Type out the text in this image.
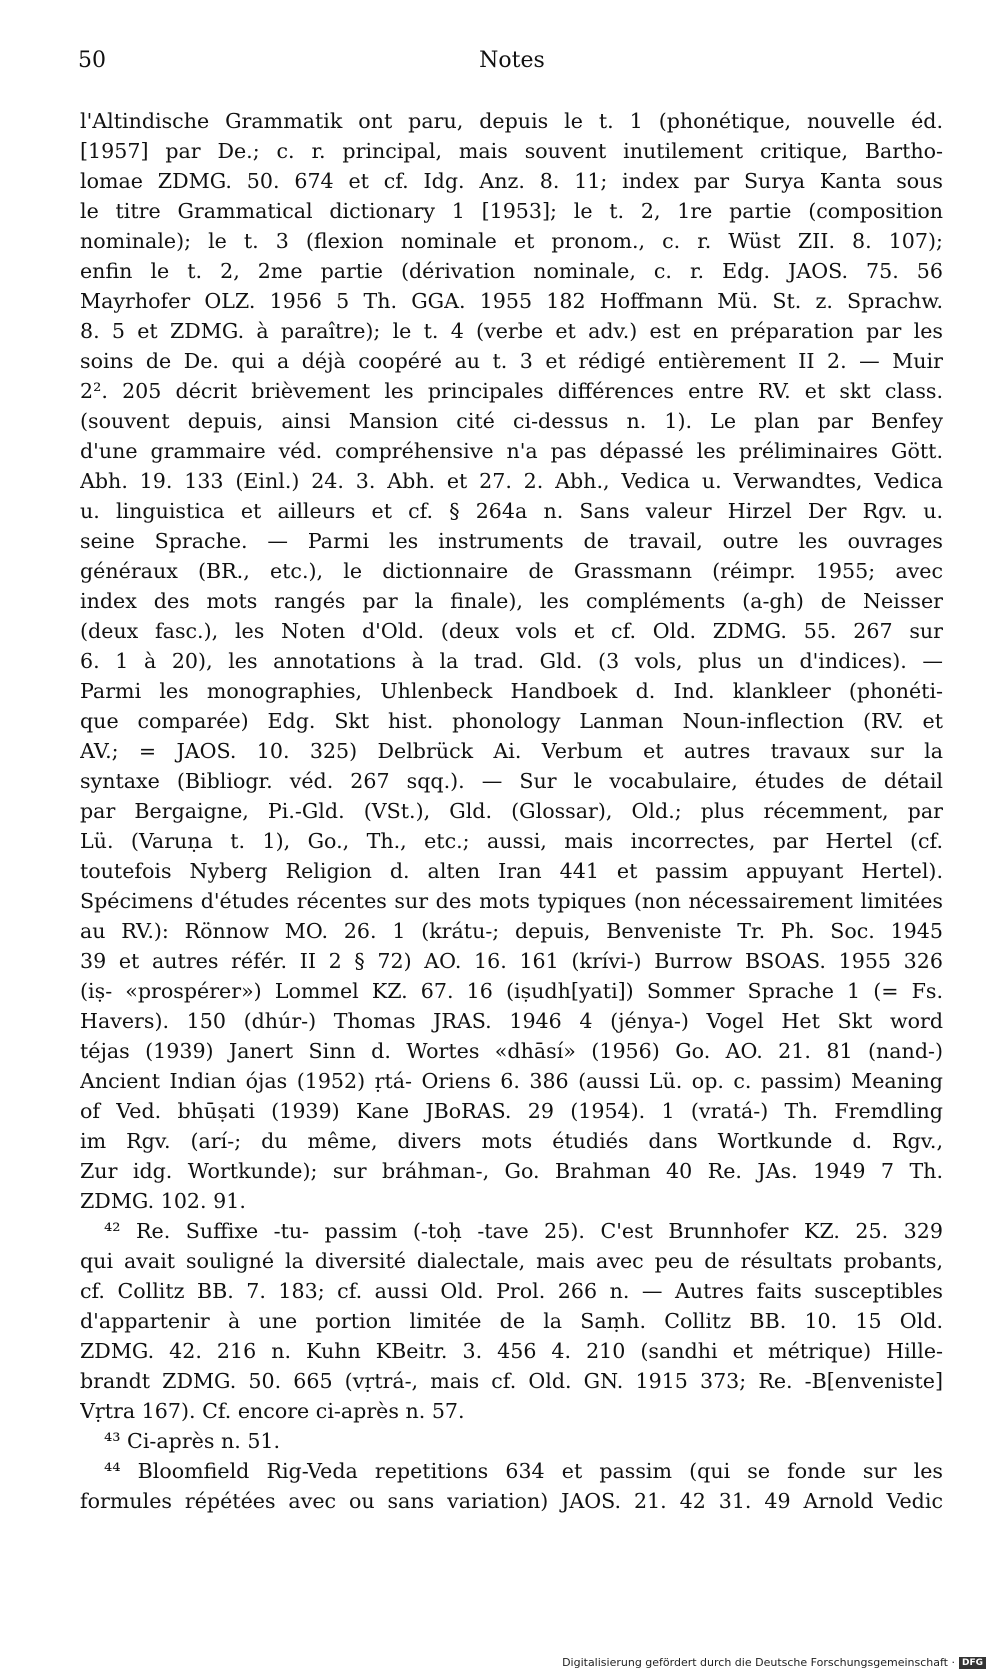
50	Notes
l'Altindische Grammatik ont paru, depuis le t. 1 (phonétique, nouvelle éd.
[1957] par De.; c. r. principal, mais souvent inutilement critique, Bartho-
lomae ZDMG. 50. 674 et cf. Idg. Anz. 8. 11; index par Surya Kanta sous
le titre Grammatical dictionary 1 [1953]; le t. 2, 1re partie (composition
nominale); le t. 3 (flexion nominale et pronom., c. r. Wüst ZII. 8. 107);
enfin le t. 2, 2me partie (dérivation nominale, c. r. Edg. JAOS. 75. 56
Mayrhofer OLZ. 1956 5 Th. GGA. 1955 182 Hoffmann Mü. St. z. Sprachw.
8. 5 et ZDMG. à paraître); le t. 4 (verbe et adv.) est en préparation par les
soins de De. qui a déjà coopéré au t. 3 et rédigé entièrement II 2. — Muir
2². 205 décrit brièvement les principales différences entre RV. et skt class.
(souvent depuis, ainsi Mansion cité ci-dessus n. 1). Le plan par Benfey
d'une grammaire véd. compréhensive n'a pas dépassé les préliminaires Gött.
Abh. 19. 133 (Einl.) 24. 3. Abh. et 27. 2. Abh., Vedica u. Verwandtes, Vedica
u. linguistica et ailleurs et cf. § 264a n. Sans valeur Hirzel Der Rgv. u.
seine Sprache. — Parmi les instruments de travail, outre les ouvrages
généraux (BR., etc.), le dictionnaire de Grassmann (réimpr. 1955; avec
index des mots rangés par la finale), les compléments (a-gh) de Neisser
(deux fasc.), les Noten d'Old. (deux vols et cf. Old. ZDMG. 55. 267 sur
6. 1 à 20), les annotations à la trad. Gld. (3 vols, plus un d'indices). —
Parmi les monographies, Uhlenbeck Handboek d. Ind. klankleer (phonéti-
que comparée) Edg. Skt hist. phonology Lanman Noun-inflection (RV. et
AV.; = JAOS. 10. 325) Delbrück Ai. Verbum et autres travaux sur la
syntaxe (Bibliogr. véd. 267 sqq.). — Sur le vocabulaire, études de détail
par Bergaigne, Pi.-Gld. (VSt.), Gld. (Glossar), Old.; plus récemment, par
Lü. (Varuṇa t. 1), Go., Th., etc.; aussi, mais incorrectes, par Hertel (cf.
toutefois Nyberg Religion d. alten Iran 441 et passim appuyant Hertel).
Spécimens d'études récentes sur des mots typiques (non nécessairement limitées
au RV.): Rönnow MO. 26. 1 (krátu-; depuis, Benveniste Tr. Ph. Soc. 1945
39 et autres référ. II 2 § 72) AO. 16. 161 (krívi-) Burrow BSOAS. 1955 326
(iṣ- «prospérer») Lommel KZ. 67. 16 (iṣudh[yati]) Sommer Sprache 1 (= Fs.
Havers). 150 (dhúr-) Thomas JRAS. 1946 4 (jénya-) Vogel Het Skt word
téjas (1939) Janert Sinn d. Wortes «dhāsí» (1956) Go. AO. 21. 81 (nand-)
Ancient Indian ójas (1952) ṛtá- Oriens 6. 386 (aussi Lü. op. c. passim) Meaning
of Ved. bhūṣati (1939) Kane JBoRAS. 29 (1954). 1 (vratá-) Th. Fremdling
im Rgv. (arí-; du même, divers mots étudiés dans Wortkunde d. Rgv.,
Zur idg. Wortkunde); sur bráhman-, Go. Brahman 40 Re. JAs. 1949 7 Th.
ZDMG. 102. 91.
⁴² Re. Suffixe -tu- passim (-toḥ -tave 25). C'est Brunnhofer KZ. 25. 329
qui avait souligné la diversité dialectale, mais avec peu de résultats probants,
cf. Collitz BB. 7. 183; cf. aussi Old. Prol. 266 n. — Autres faits susceptibles
d'appartenir à une portion limitée de la Saṃh. Collitz BB. 10. 15 Old.
ZDMG. 42. 216 n. Kuhn KBeitr. 3. 456 4. 210 (sandhi et métrique) Hille-
brandt ZDMG. 50. 665 (vṛtrá-, mais cf. Old. GN. 1915 373; Re. -B[enveniste]
Vṛtra 167). Cf. encore ci-après n. 57.
⁴³ Ci-après n. 51.
⁴⁴ Bloomfield Rig-Veda repetitions 634 et passim (qui se fonde sur les
formules répétées avec ou sans variation) JAOS. 21. 42 31. 49 Arnold Vedic
Digitalisierung gefördert durch die Deutsche Forschungsgemeinschaft · DFG
